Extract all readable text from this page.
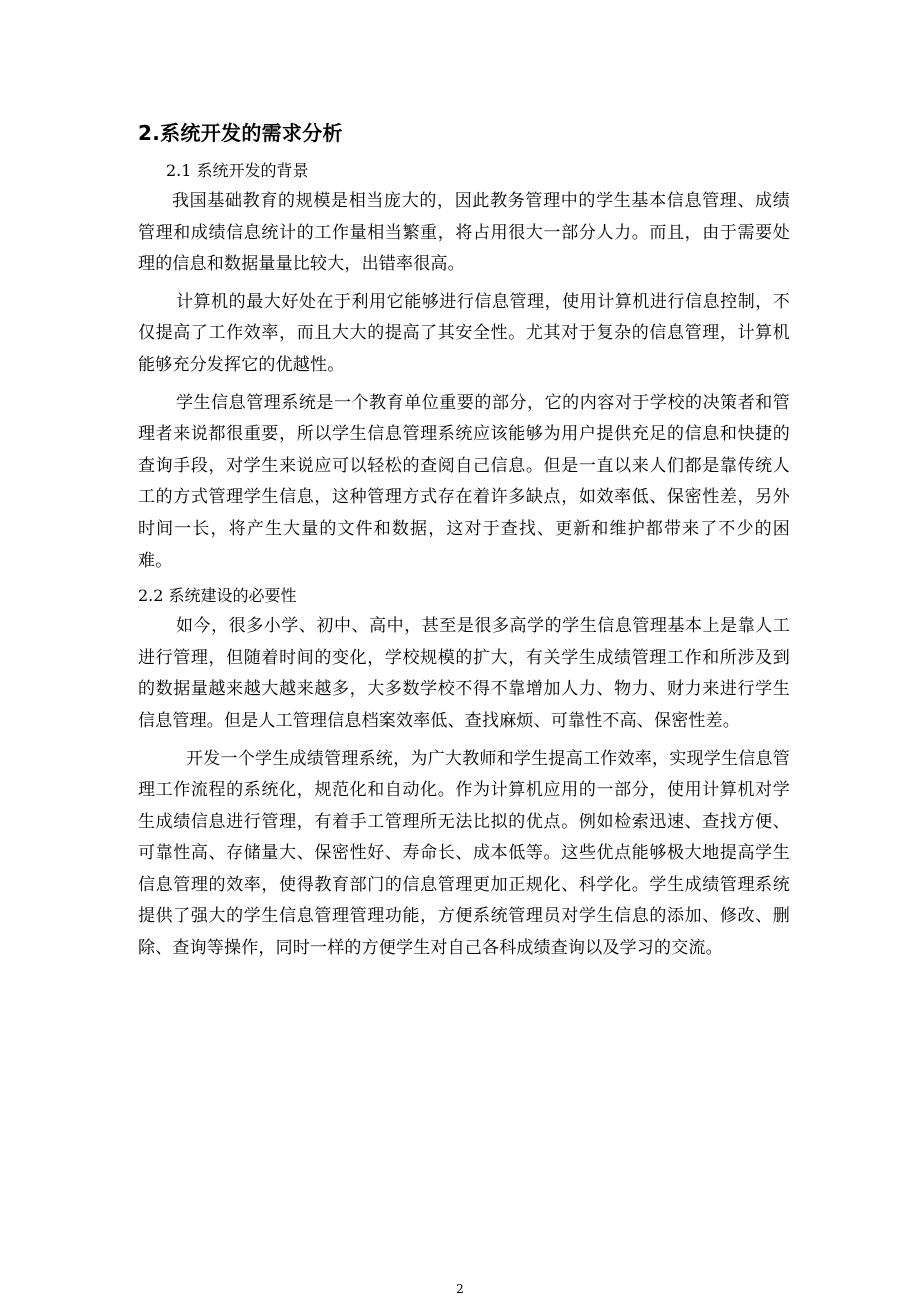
2.系统开发的需求分析
2.1 系统开发的背景
我国基础教育的规模是相当庞大的，因此教务管理中的学生基本信息管理、成绩管理和成绩信息统计的工作量相当繁重，将占用很大一部分人力。而且，由于需要处理的信息和数据量量比较大，出错率很高。
计算机的最大好处在于利用它能够进行信息管理，使用计算机进行信息控制，不仅提高了工作效率，而且大大的提高了其安全性。尤其对于复杂的信息管理，计算机能够充分发挥它的优越性。
学生信息管理系统是一个教育单位重要的部分，它的内容对于学校的决策者和管理者来说都很重要，所以学生信息管理系统应该能够为用户提供充足的信息和快捷的查询手段，对学生来说应可以轻松的查阅自己信息。但是一直以来人们都是靠传统人工的方式管理学生信息，这种管理方式存在着许多缺点，如效率低、保密性差，另外时间一长，将产生大量的文件和数据，这对于查找、更新和维护都带来了不少的困难。
2.2 系统建设的必要性
如今，很多小学、初中、高中，甚至是很多高学的学生信息管理基本上是靠人工进行管理，但随着时间的变化，学校规模的扩大，有关学生成绩管理工作和所涉及到的数据量越来越大越来越多，大多数学校不得不靠增加人力、物力、财力来进行学生信息管理。但是人工管理信息档案效率低、查找麻烦、可靠性不高、保密性差。
开发一个学生成绩管理系统，为广大教师和学生提高工作效率，实现学生信息管理工作流程的系统化，规范化和自动化。作为计算机应用的一部分，使用计算机对学生成绩信息进行管理，有着手工管理所无法比拟的优点。例如检索迅速、查找方便、可靠性高、存储量大、保密性好、寿命长、成本低等。这些优点能够极大地提高学生信息管理的效率，使得教育部门的信息管理更加正规化、科学化。学生成绩管理系统提供了强大的学生信息管理管理功能，方便系统管理员对学生信息的添加、修改、删除、查询等操作，同时一样的方便学生对自己各科成绩查询以及学习的交流。
2
